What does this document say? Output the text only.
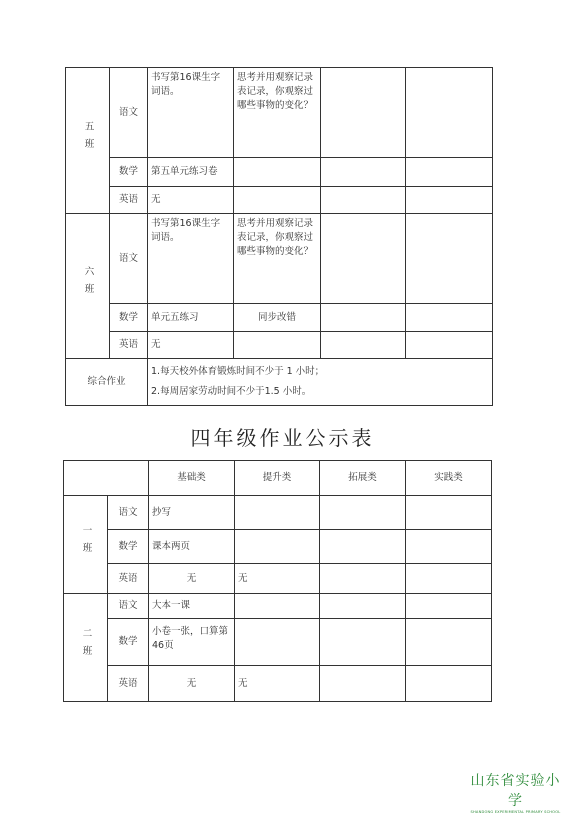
五班	语文	书写第16课生字词语。	思考并用观察记录表记录，你观察过哪些事物的变化？		
	数学	第五单元练习卷			
	英语	无			
六班	语文	书写第16课生字词语。	思考并用观察记录表记录，你观察过哪些事物的变化？		
	数学	单元五练习	同步改错		
	英语	无			
综合作业		1.每天校外体育锻炼时间不少于 1 小时；
2.每周居家劳动时间不少于1.5 小时。			
四年级作业公示表
		基础类	提升类	拓展类	实践类
一班	语文	抄写			
	数学	课本两页			
	英语	无	无		
二班	语文	大本一课			
	数学	小卷一张，口算第46页			
	英语	无	无		
山东省实验小学
SHANDONG EXPERIMENTAL PRIMARY SCHOOL
